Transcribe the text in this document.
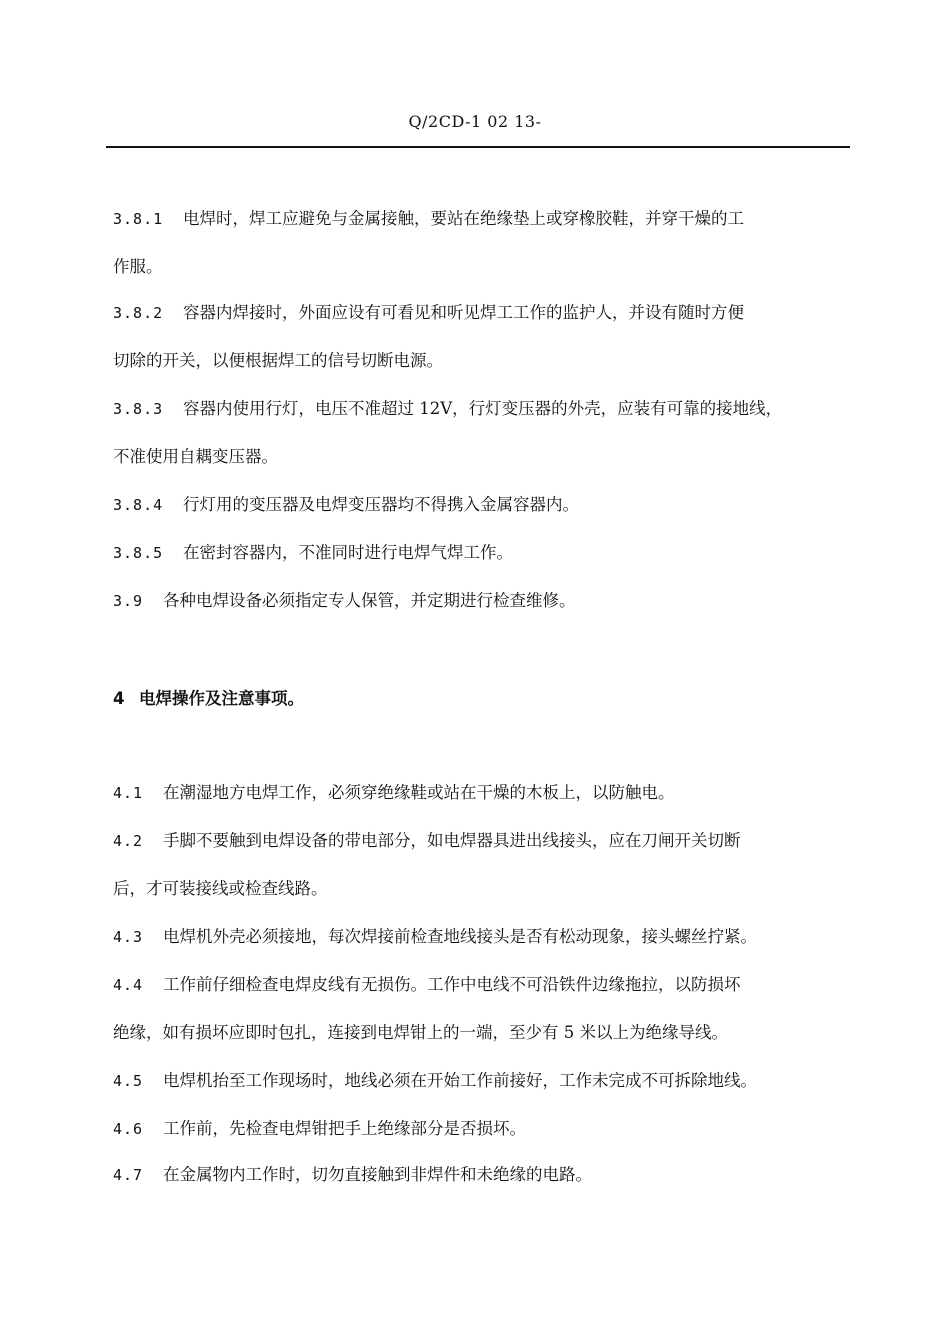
Q/2CD-1 02 13-
3.8.1 电焊时，焊工应避免与金属接触，要站在绝缘垫上或穿橡胶鞋，并穿干燥的工
作服。
3.8.2 容器内焊接时，外面应设有可看见和听见焊工工作的监护人，并设有随时方便
切除的开关，以便根据焊工的信号切断电源。
3.8.3 容器内使用行灯，电压不准超过 12V，行灯变压器的外壳，应装有可靠的接地线，
不准使用自耦变压器。
3.8.4 行灯用的变压器及电焊变压器均不得携入金属容器内。
3.8.5 在密封容器内，不准同时进行电焊气焊工作。
3.9 各种电焊设备必须指定专人保管，并定期进行检查维修。
4 电焊操作及注意事项。
4.1 在潮湿地方电焊工作，必须穿绝缘鞋或站在干燥的木板上，以防触电。
4.2 手脚不要触到电焊设备的带电部分，如电焊器具进出线接头，应在刀闸开关切断
后，才可装接线或检查线路。
4.3 电焊机外壳必须接地，每次焊接前检查地线接头是否有松动现象，接头螺丝拧紧。
4.4 工作前仔细检查电焊皮线有无损伤。工作中电线不可沿铁件边缘拖拉，以防损坏
绝缘，如有损坏应即时包扎，连接到电焊钳上的一端，至少有 5 米以上为绝缘导线。
4.5 电焊机抬至工作现场时，地线必须在开始工作前接好，工作未完成不可拆除地线。
4.6 工作前，先检查电焊钳把手上绝缘部分是否损坏。
4.7 在金属物内工作时，切勿直接触到非焊件和未绝缘的电路。
